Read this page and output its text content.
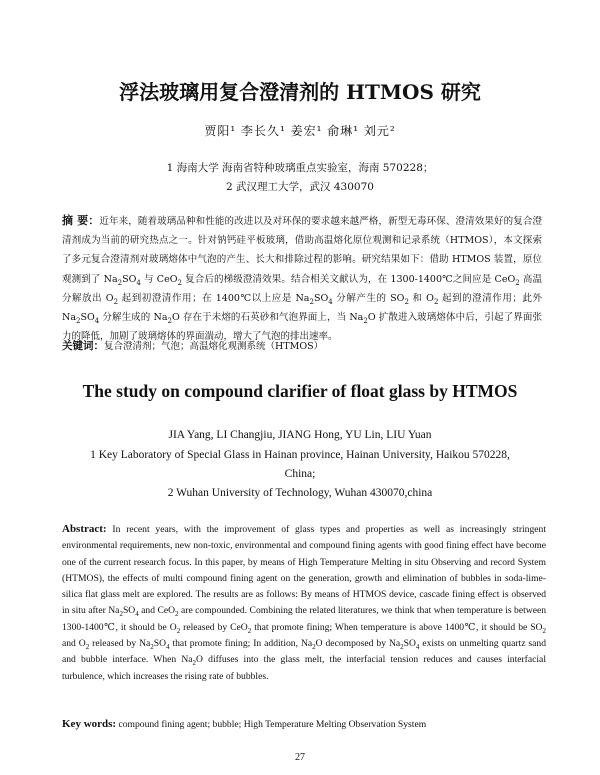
浮法玻璃用复合澄清剂的 HTMOS 研究
贾阳¹ 李长久¹ 姜宏¹ 俞琳¹ 刘元²
1 海南大学 海南省特种玻璃重点实验室，海南 570228；
2 武汉理工大学，武汉 430070
摘 要：近年来，随着玻璃品种和性能的改进以及对环保的要求越来越严格，新型无毒环保、澄清效果好的复合澄清剂成为当前的研究热点之一。针对钠钙硅平板玻璃，借助高温熔化原位观测和记录系统（HTMOS），本文探索了多元复合澄清剂对玻璃熔体中气泡的产生、长大和排除过程的影响。研究结果如下：借助 HTMOS 装置，原位观测到了 $Na_2SO_4$ 与 CeO$_2$ 复合后的梯级澄清效果。结合相关文献认为，在 1300-1400℃之间应是 CeO$_2$ 高温分解放出 $O_2$ 起到初澄清作用；在 1400℃以上应是 $Na_2SO_4$ 分解产生的 $SO_2$ 和 $O_2$ 起到的澄清作用；此外 $Na_2SO_4$ 分解生成的 $Na_2O$ 存在于未熔的石英砂和气泡界面上，当 $Na_2O$ 扩散进入玻璃熔体中后，引起了界面张力的降低，加剧了玻璃熔体的界面湍动，增大了气泡的排出速率。
关键词：复合澄清剂；气泡；高温熔化观测系统（HTMOS）
The study on compound clarifier of float glass by HTMOS
JIA Yang, LI Changjiu, JIANG Hong, YU Lin, LIU Yuan
1 Key Laboratory of Special Glass in Hainan province, Hainan University, Haikou 570228,
China;
2 Wuhan University of Technology, Wuhan 430070,china
Abstract: In recent years, with the improvement of glass types and properties as well as increasingly stringent environmental requirements, new non-toxic, environmental and compound fining agents with good fining effect have become one of the current research focus. In this paper, by means of High Temperature Melting in situ Observing and record System (HTMOS), the effects of multi compound fining agent on the generation, growth and elimination of bubbles in soda-lime-silica flat glass melt are explored. The results are as follows: By means of HTMOS device, cascade fining effect is observed in situ after $Na_2SO_4$ and CeO$_2$ are compounded. Combining the related literatures, we think that when temperature is between 1300-1400℃, it should be $O_2$ released by CeO$_2$ that promote fining; When temperature is above 1400℃, it should be $SO_2$ and $O_2$ released by $Na_2SO_4$ that promote fining; In addition, $Na_2O$ decomposed by $Na_2SO_4$ exists on unmelting quartz sand and bubble interface. When $Na_2O$ diffuses into the glass melt, the interfacial tension reduces and causes interfacial turbulence, which increases the rising rate of bubbles.
Key words: compound fining agent; bubble; High Temperature Melting Observation System
27
